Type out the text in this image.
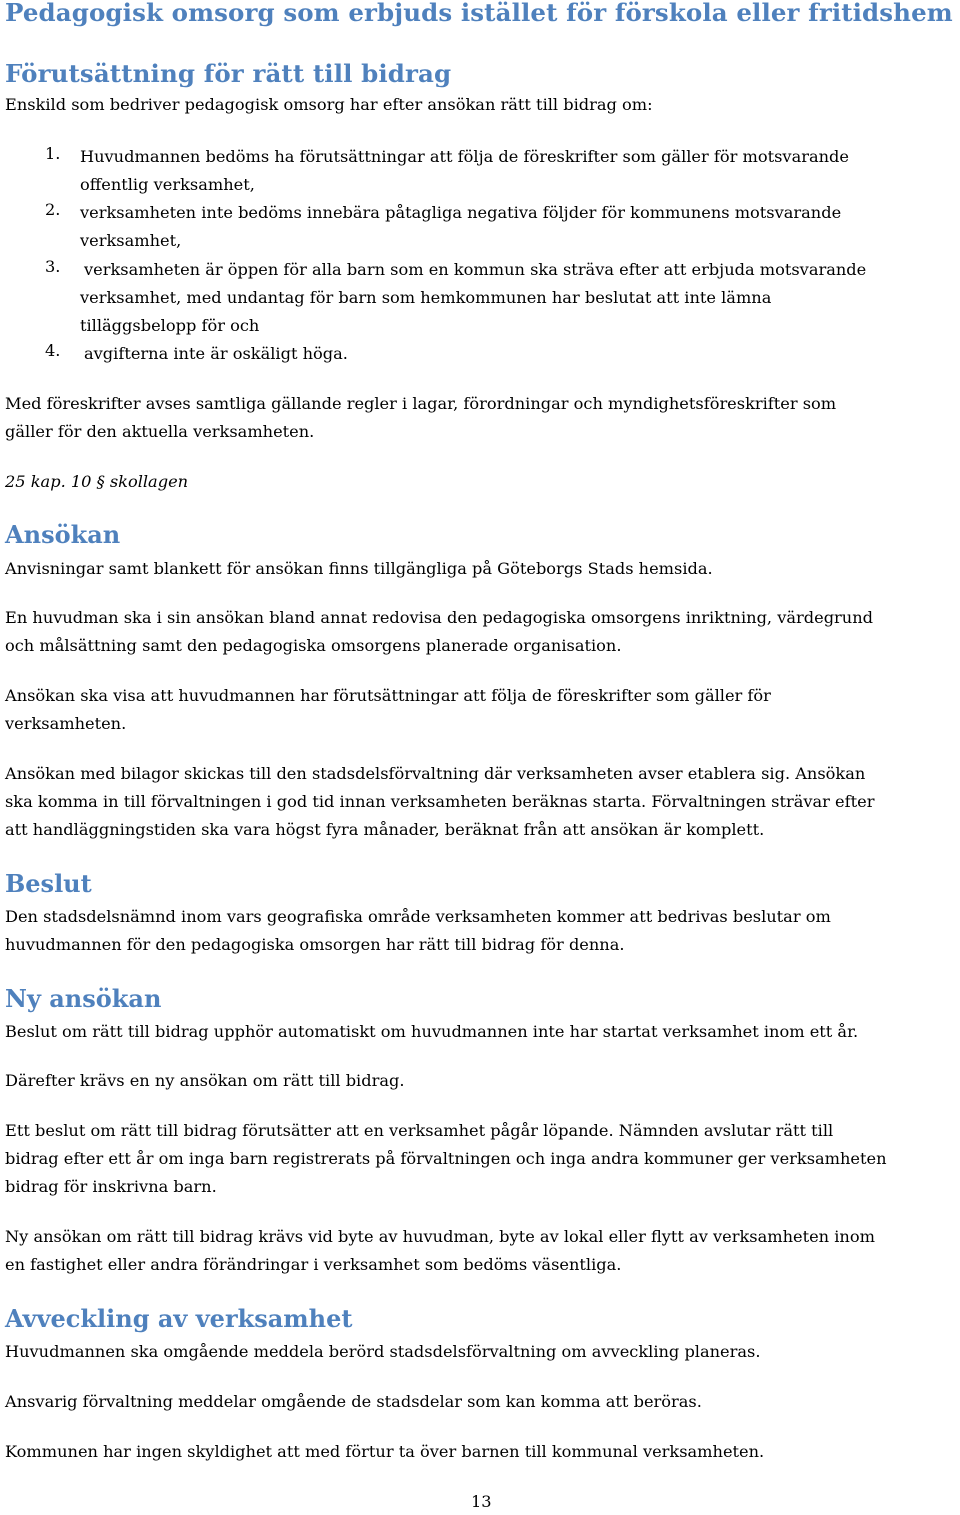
Pedagogisk omsorg som erbjuds istället för förskola eller fritidshem
Förutsättning för rätt till bidrag
Enskild som bedriver pedagogisk omsorg har efter ansökan rätt till bidrag om:
1. Huvudmannen bedöms ha förutsättningar att följa de föreskrifter som gäller för motsvarande
offentlig verksamhet,
2. verksamheten inte bedöms innebära påtagliga negativa följder för kommunens motsvarande
verksamhet,
3. verksamheten är öppen för alla barn som en kommun ska sträva efter att erbjuda motsvarande
verksamhet, med undantag för barn som hemkommunen har beslutat att inte lämna
tilläggsbelopp för och
4. avgifterna inte är oskäligt höga.
Med föreskrifter avses samtliga gällande regler i lagar, förordningar och myndighetsföreskrifter som
gäller för den aktuella verksamheten.
25 kap. 10 § skollagen
Ansökan
Anvisningar samt blankett för ansökan finns tillgängliga på Göteborgs Stads hemsida.
En huvudman ska i sin ansökan bland annat redovisa den pedagogiska omsorgens inriktning, värdegrund
och målsättning samt den pedagogiska omsorgens planerade organisation.
Ansökan ska visa att huvudmannen har förutsättningar att följa de föreskrifter som gäller för
verksamheten.
Ansökan med bilagor skickas till den stadsdelsförvaltning där verksamheten avser etablera sig. Ansökan
ska komma in till förvaltningen i god tid innan verksamheten beräknas starta. Förvaltningen strävar efter
att handläggningstiden ska vara högst fyra månader, beräknat från att ansökan är komplett.
Beslut
Den stadsdelsnämnd inom vars geografiska område verksamheten kommer att bedrivas beslutar om
huvudmannen för den pedagogiska omsorgen har rätt till bidrag för denna.
Ny ansökan
Beslut om rätt till bidrag upphör automatiskt om huvudmannen inte har startat verksamhet inom ett år.
Därefter krävs en ny ansökan om rätt till bidrag.
Ett beslut om rätt till bidrag förutsätter att en verksamhet pågår löpande. Nämnden avslutar rätt till
bidrag efter ett år om inga barn registrerats på förvaltningen och inga andra kommuner ger verksamheten
bidrag för inskrivna barn.
Ny ansökan om rätt till bidrag krävs vid byte av huvudman, byte av lokal eller flytt av verksamheten inom
en fastighet eller andra förändringar i verksamhet som bedöms väsentliga.
Avveckling av verksamhet
Huvudmannen ska omgående meddela berörd stadsdelsförvaltning om avveckling planeras.
Ansvarig förvaltning meddelar omgående de stadsdelar som kan komma att beröras.
Kommunen har ingen skyldighet att med förtur ta över barnen till kommunal verksamheten.
13
